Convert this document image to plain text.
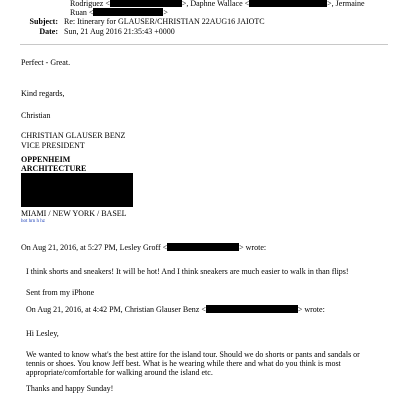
Rodriguez <	>, Daphne Wallace <	>, Jermaine
Ruan <	>
Subject: Re: Itinerary for GLAUSER/CHRISTIAN 22AUG16 JAIOTC
Date: Sun, 21 Aug 2016 21:35:43 +0000
Perfect - Great.
Kind regards,
Christian
CHRISTIAN GLAUSER BENZ
VICE PRESIDENT
OPPENHEIM
ARCHITECTURE
MIAMI / NEW YORK / BASEL
hot hrn h hz
On Aug 21, 2016, at 5:27 PM, Lesley Groff <	> wrote:
I think shorts and sneakers! It will be hot! And I think sneakers are much easier to walk in than flips!
Sent from my iPhone
On Aug 21, 2016, at 4:42 PM, Christian Glauser Benz <	> wrote:
Hi Lesley,
We wanted to know what's the best attire for the island tour. Should we do shorts or pants and sandals or
tennis or shoes. You know Jeff best. What is he wearing while there and what do you think is most
appropriate/comfortable for walking around the island etc.
Thanks and happy Sunday!
